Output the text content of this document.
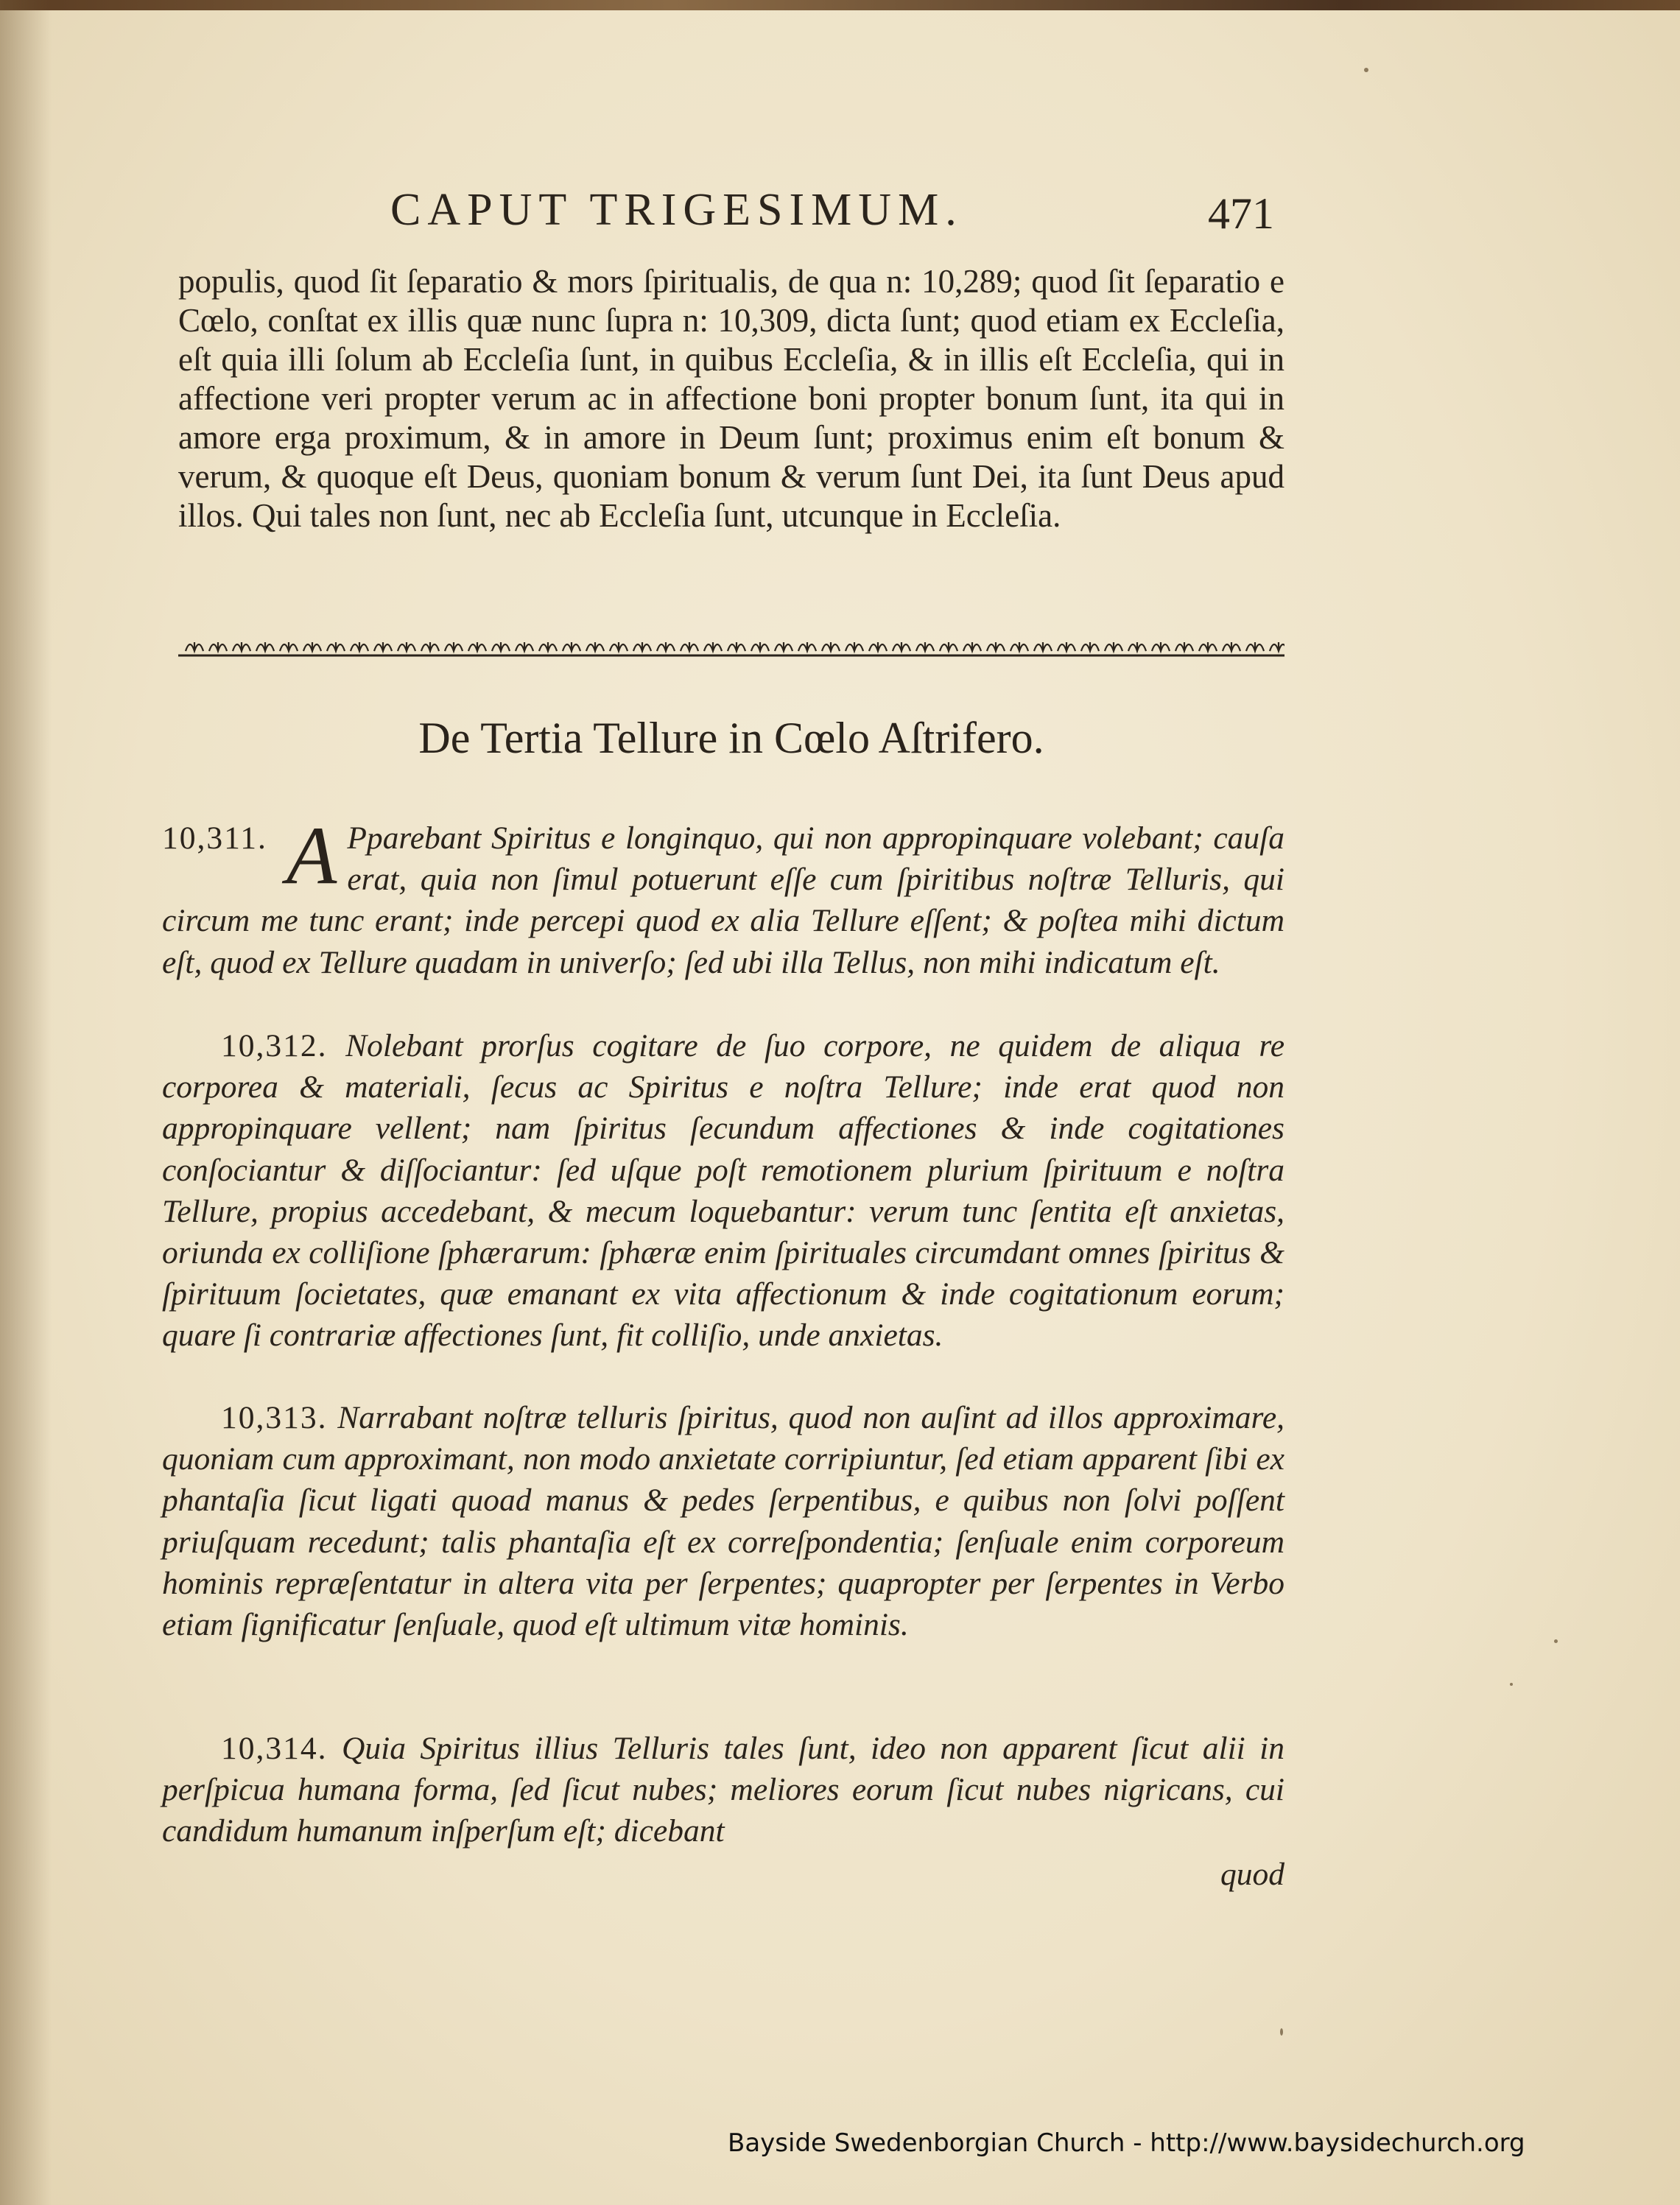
CAPUT TRIGESIMUM.	471
populis, quod ſit ſeparatio & mors ſpiritualis, de qua n: 10,289; quod ſit ſeparatio e Cœlo, conſtat ex illis quæ nunc ſupra n: 10,309, dicta ſunt; quod etiam ex Eccleſia, eſt quia illi ſolum ab Eccleſia ſunt, in quibus Eccleſia, & in illis eſt Eccleſia, qui in affectione veri propter verum ac in affectione boni propter bonum ſunt, ita qui in amore erga proximum, & in amore in Deum ſunt; proximus enim eſt bonum & verum, & quoque eſt Deus, quoniam bonum & verum ſunt Dei, ita ſunt Deus apud illos. Qui tales non ſunt, nec ab Eccleſia ſunt, utcunque in Eccleſia.
De Tertia Tellure in Cœlo Aſtrifero.
10,311. A Pparebant Spiritus e longinquo, qui non appropinquare volebant; cauſa erat, quia non ſimul potuerunt eſſe cum ſpiritibus noſtræ Telluris, qui circum me tunc erant; inde percepi quod ex alia Tellure eſſent; & poſtea mihi dictum eſt, quod ex Tellure quadam in univerſo; ſed ubi illa Tellus, non mihi indicatum eſt.
10,312. Nolebant prorſus cogitare de ſuo corpore, ne quidem de aliqua re corporea & materiali, ſecus ac Spiritus e noſtra Tellure; inde erat quod non appropinquare vellent; nam ſpiritus ſecundum affectiones & inde cogitationes conſociantur & diſſociantur: ſed uſque poſt remotionem plurium ſpirituum e noſtra Tellure, propius accedebant, & mecum loquebantur: verum tunc ſentita eſt anxietas, oriunda ex colliſione ſphærarum: ſphæræ enim ſpirituales circumdant omnes ſpiritus & ſpirituum ſocietates, quæ emanant ex vita affectionum & inde cogitationum eorum; quare ſi contrariæ affectiones ſunt, fit colliſio, unde anxietas.
10,313. Narrabant noſtræ telluris ſpiritus, quod non auſint ad illos approximare, quoniam cum approximant, non modo anxietate corripiuntur, ſed etiam apparent ſibi ex phantaſia ſicut ligati quoad manus & pedes ſerpentibus, e quibus non ſolvi poſſent priuſquam recedunt; talis phantaſia eſt ex correſpondentia; ſenſuale enim corporeum hominis repræſentatur in altera vita per ſerpentes; quapropter per ſerpentes in Verbo etiam ſignificatur ſenſuale, quod eſt ultimum vitæ hominis.
10,314. Quia Spiritus illius Telluris tales ſunt, ideo non apparent ſicut alii in perſpicua humana forma, ſed ſicut nubes; meliores eorum ſicut nubes nigricans, cui candidum humanum inſperſum eſt; dicebant
quod
Bayside Swedenborgian Church - http://www.baysidechurch.org
